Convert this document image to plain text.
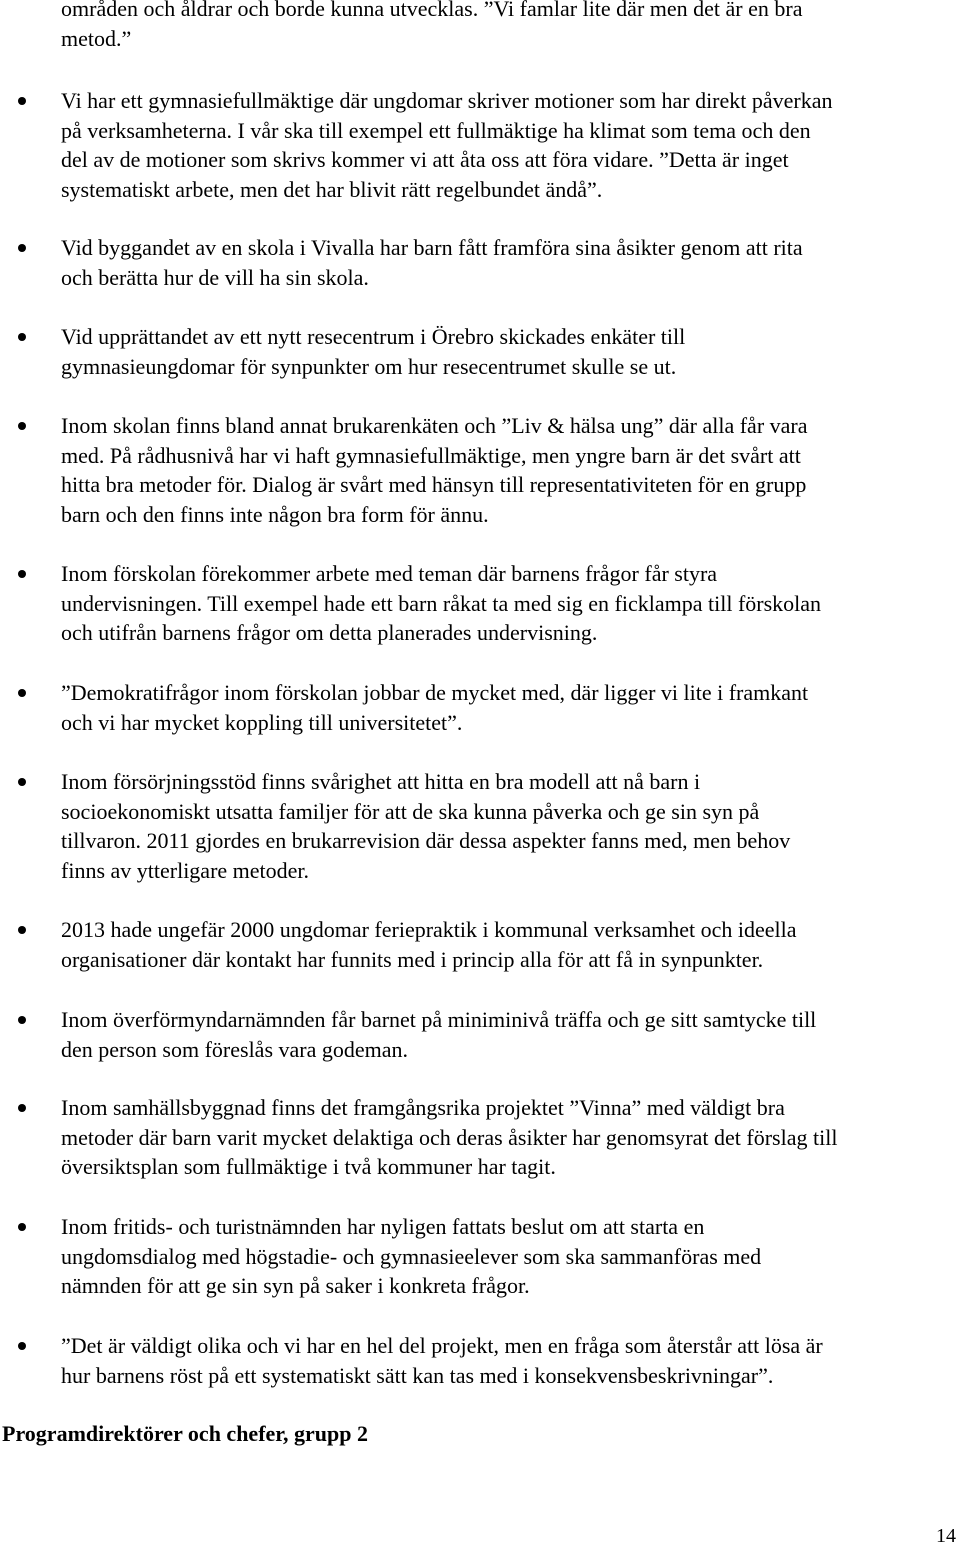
områden och åldrar och borde kunna utvecklas. ”Vi famlar lite där men det är en bra

metod.”

Vi har ett gymnasiefullmäktige där ungdomar skriver motioner som har direkt påverkan
på verksamheterna. I vår ska till exempel ett fullmäktige ha klimat som tema och den
del av de motioner som skrivs kommer vi att åta oss att föra vidare. ”Detta är inget
systematiskt arbete, men det har blivit rätt regelbundet ändå”.

Vid byggandet av en skola i Vivalla har barn fått framföra sina åsikter genom att rita
och berätta hur de vill ha sin skola.

Vid upprättandet av ett nytt resecentrum i Örebro skickades enkäter till
gymnasieungdomar för synpunkter om hur resecentrumet skulle se ut.

Inom skolan finns bland annat brukarenkäten och ”Liv & hälsa ung” där alla får vara
med. På rådhusnivå har vi haft gymnasiefullmäktige, men yngre barn är det svårt att
hitta bra metoder för. Dialog är svårt med hänsyn till representativiteten för en grupp
barn och den finns inte någon bra form för ännu.

Inom förskolan förekommer arbete med teman där barnens frågor får styra
undervisningen. Till exempel hade ett barn råkat ta med sig en ficklampa till förskolan
och utifrån barnens frågor om detta planerades undervisning.

”Demokratifrågor inom förskolan jobbar de mycket med, där ligger vi lite i framkant
och vi har mycket koppling till universitetet”.

Inom försörjningsstöd finns svårighet att hitta en bra modell att nå barn i
socioekonomiskt utsatta familjer för att de ska kunna påverka och ge sin syn på
tillvaron. 2011 gjordes en brukarrevision där dessa aspekter fanns med, men behov
finns av ytterligare metoder.

2013 hade ungefär 2000 ungdomar feriepraktik i kommunal verksamhet och ideella
organisationer där kontakt har funnits med i princip alla för att få in synpunkter.

Inom överförmyndarnämnden får barnet på miniminivå träffa och ge sitt samtycke till
den person som föreslås vara godeman.

Inom samhällsbyggnad finns det framgångsrika projektet ”Vinna” med väldigt bra
metoder där barn varit mycket delaktiga och deras åsikter har genomsyrat det förslag till
översiktsplan som fullmäktige i två kommuner har tagit.

Inom fritids- och turistnämnden har nyligen fattats beslut om att starta en
ungdomsdialog med högstadie- och gymnasieelever som ska sammanföras med
nämnden för att ge sin syn på saker i konkreta frågor.

”Det är väldigt olika och vi har en hel del projekt, men en fråga som återstår att lösa är
hur barnens röst på ett systematiskt sätt kan tas med i konsekvensbeskrivningar”.

Programdirektörer och chefer, grupp 2
14
